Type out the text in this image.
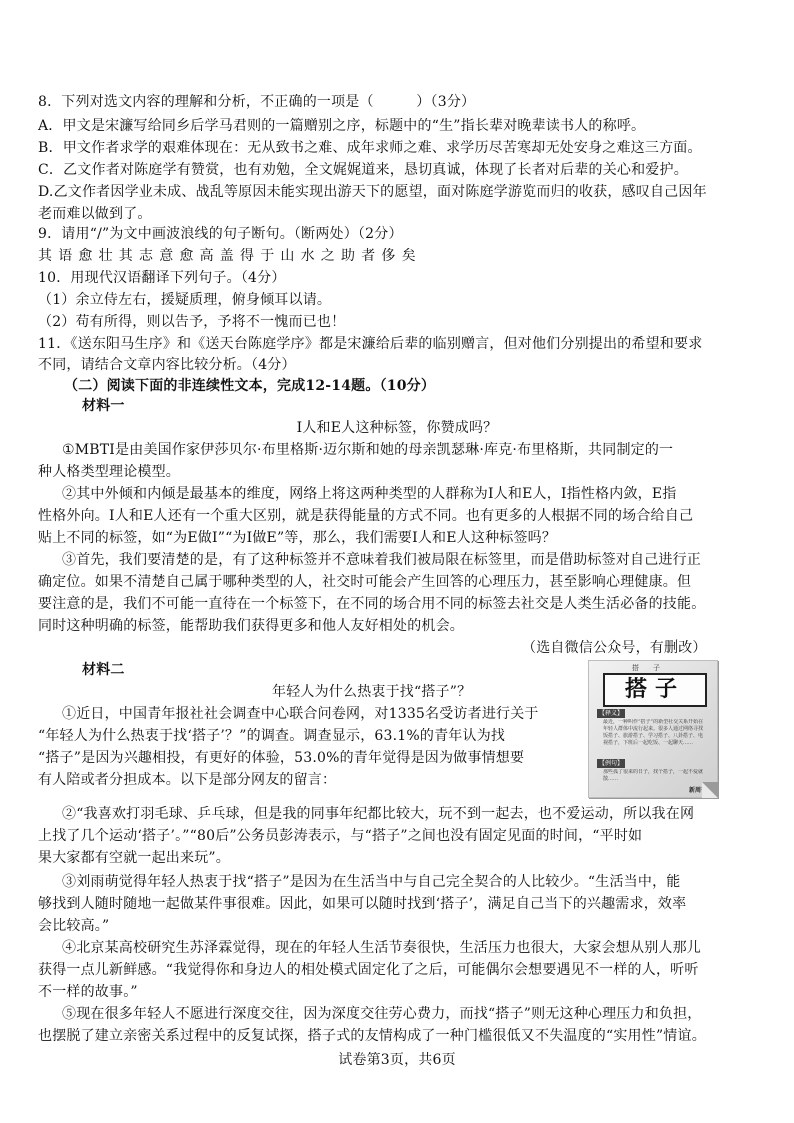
8．下列对选文内容的理解和分析，不正确的一项是（　　　）（3分）
A．甲文是宋濂写给同乡后学马君则的一篇赠别之序，标题中的“生”指长辈对晚辈读书人的称呼。
B．甲文作者求学的艰难体现在：无从致书之难、成年求师之难、求学历尽苦寒却无处安身之难这三方面。
C．乙文作者对陈庭学有赞赏，也有劝勉，全文娓娓道来，恳切真诚，体现了长者对后辈的关心和爱护。
D.乙文作者因学业未成、战乱等原因未能实现出游天下的愿望，面对陈庭学游览而归的收获，感叹自己因年
老而难以做到了。
9．请用“/”为文中画波浪线的句子断句。（断两处）（2分）
其语愈壮其志意愈高盖得于山水之助者侈矣
10．用现代汉语翻译下列句子。（4分）
（1）余立侍左右，援疑质理，俯身倾耳以请。
（2）苟有所得，则以告予，予将不一愧而已也！
11．《送东阳马生序》和《送天台陈庭学序》都是宋濂给后辈的临别赠言，但对他们分别提出的希望和要求
不同，请结合文章内容比较分析。（4分）
（二）阅读下面的非连续性文本，完成12-14题。（10分）
材料一
I人和E人这种标签，你赞成吗？
①MBTI是由美国作家伊莎贝尔·布里格斯·迈尔斯和她的母亲凯瑟琳·库克·布里格斯，共同制定的一
种人格类型理论模型。
②其中外倾和内倾是最基本的维度，网络上将这两种类型的人群称为I人和E人，I指性格内敛，E指
性格外向。I人和E人还有一个重大区别，就是获得能量的方式不同。也有更多的人根据不同的场合给自己
贴上不同的标签，如“为E做I”“为I做E”等，那么，我们需要I人和E人这种标签吗？
③首先，我们要清楚的是，有了这种标签并不意味着我们被局限在标签里，而是借助标签对自己进行正
确定位。如果不清楚自己属于哪种类型的人，社交时可能会产生回答的心理压力，甚至影响心理健康。但
要注意的是，我们不可能一直待在一个标签下，在不同的场合用不同的标签去社交是人类生活必备的技能。
同时这种明确的标签，能帮助我们获得更多和他人友好相处的机会。
（选自微信公众号，有删改）
材料二
年轻人为什么热衷于找“搭子”？
①近日，中国青年报社社会调查中心联合问卷网，对1335名受访者进行关于
“年轻人为什么热衷于找‘搭子’？”的调查。调查显示，63.1%的青年认为找
“搭子”是因为兴趣相投，有更好的体验，53.0%的青年觉得是因为做事情想要
有人陪或者分担成本。以下是部分网友的留言：
搭子
搭子
【释义】
最近，一种叫作“搭子”的新型社交关系开始在年轻人群体中流行起来。很多人通过网络寻找饭搭子、旅游搭子、学习搭子、八卦搭子、电视搭子，下班后一起吃饭、一起聊天……
【例句】
那些孤了很来的日子，找个搭子，一起不爱就散……
新周刊
②“我喜欢打羽毛球、乒乓球，但是我的同事年纪都比较大，玩不到一起去，也不爱运动，所以我在网
上找了几个运动‘搭子’。”“80后”公务员彭涛表示，与“搭子”之间也没有固定见面的时间，“平时如
果大家都有空就一起出来玩”。
③刘雨萌觉得年轻人热衷于找“搭子”是因为在生活当中与自己完全契合的人比较少。“生活当中，能
够找到人随时随地一起做某件事很难。因此，如果可以随时找到‘搭子’，满足自己当下的兴趣需求，效率
会比较高。”
④北京某高校研究生苏泽霖觉得，现在的年轻人生活节奏很快，生活压力也很大，大家会想从别人那儿
获得一点儿新鲜感。“我觉得你和身边人的相处模式固定化了之后，可能偶尔会想要遇见不一样的人，听听
不一样的故事。”
⑤现在很多年轻人不愿进行深度交往，因为深度交往劳心费力，而找“搭子”则无这种心理压力和负担，
也摆脱了建立亲密关系过程中的反复试探，搭子式的友情构成了一种门槛很低又不失温度的“实用性”情谊。
试卷第3页，共6页
